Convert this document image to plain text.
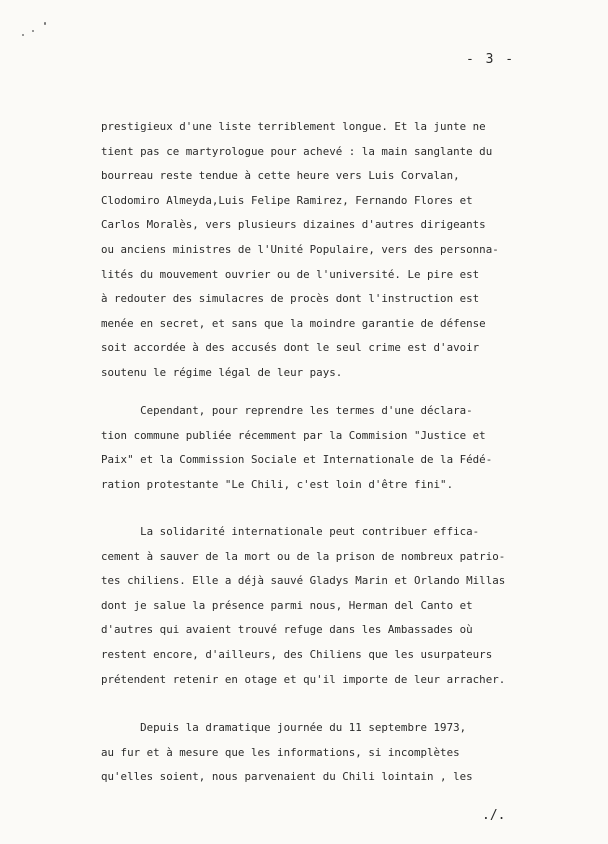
- 3 -
prestigieux d'une liste terriblement longue. Et la junte ne
tient pas ce martyrologue pour achevé : la main sanglante du
bourreau reste tendue à cette heure vers Luis Corvalan,
Clodomiro Almeyda,Luis Felipe Ramirez, Fernando Flores et
Carlos Moralès, vers plusieurs dizaines d'autres dirigeants
ou anciens ministres de l'Unité Populaire, vers des personna-
lités du mouvement ouvrier ou de l'université. Le pire est
à redouter des simulacres de procès dont l'instruction est
menée en secret, et sans que la moindre garantie de défense
soit accordée à des accusés dont le seul crime est d'avoir
soutenu le régime légal de leur pays.
Cependant, pour reprendre les termes d'une déclara-
tion commune publiée récemment par la Commision "Justice et
Paix" et la Commission Sociale et Internationale de la Fédé-
ration protestante "Le Chili, c'est loin d'être fini".
La solidarité internationale peut contribuer effica-
cement à sauver de la mort ou de la prison de nombreux patrio-
tes chiliens. Elle a déjà sauvé Gladys Marin et Orlando Millas
dont je salue la présence parmi nous, Herman del Canto et
d'autres qui avaient trouvé refuge dans les Ambassades où
restent encore, d'ailleurs, des Chiliens que les usurpateurs
prétendent retenir en otage et qu'il importe de leur arracher.
Depuis la dramatique journée du 11 septembre 1973,
au fur et à mesure que les informations, si incomplètes
qu'elles soient, nous parvenaient du Chili lointain , les
./.
